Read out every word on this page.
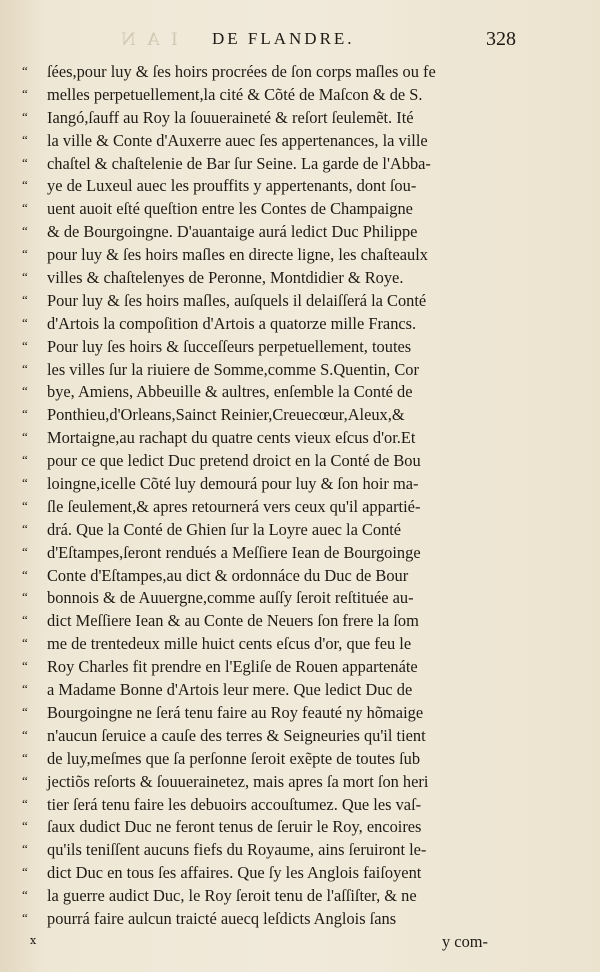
I A N DE FLANDRE.	328
“ ſées,pour luy & ſes hoirs procrées de ſon corps maſles ou fe
“ melles perpetuellement,la cité & Cõté de Maſcon & de S.
“ Iangó,ſauff au Roy la ſouueraineté & reſort ſeulemẽt. Ité
“ la ville & Conte d'Auxerre auec ſes appertenances, la ville
“ chaſtel & chaſtelenie de Bar ſur Seine. La garde de l'Abba-
“ ye de Luxeul auec les prouffits y appertenants, dont ſou-
“ uent auoit eſté queſtion entre les Contes de Champaigne
“ & de Bourgoingne. D'auantaige aurá ledict Duc Philippe
“ pour luy & ſes hoirs maſles en directe ligne, les chaſteaulx
“ villes & chaſtelenyes de Peronne, Montdidier & Roye.
“ Pour luy & ſes hoirs maſles, auſquels il delaiſſerá la Conté
“ d'Artois la compoſition d'Artois a quatorze mille Francs.
“ Pour luy ſes hoirs & ſucceſſeurs perpetuellement, toutes
“ les villes ſur la riuiere de Somme,comme S.Quentin, Cor
“ bye, Amiens, Abbeuille & aultres, enſemble la Conté de
“ Ponthieu,d'Orleans,Sainct Reinier,Creuecœur,Aleux,&
“ Mortaigne,au rachapt du quatre cents vieux eſcus d'or.Et
“ pour ce que ledict Duc pretend droict en la Conté de Bou
“ loingne,icelle Cõté luy demourá pour luy & ſon hoir ma-
“ ſle ſeulement,& apres retournerá vers ceux qu'il appartié-
“ drá. Que la Conté de Ghien ſur la Loyre auec la Conté
“ d'Eſtampes,ſeront rendués a Meſſiere Iean de Bourgoinge
“ Conte d'Eſtampes,au dict & ordonnáce du Duc de Bour
“ bonnois & de Auuergne,comme auſſy ſeroit reſtituée au-
“ dict Meſſiere Iean & au Conte de Neuers ſon frere la ſom
“ me de trentedeux mille huict cents eſcus d'or, que feu le
“ Roy Charles fit prendre en l'Egliſe de Rouen appartenáte
“ a Madame Bonne d'Artois leur mere. Que ledict Duc de
“ Bourgoingne ne ſerá tenu faire au Roy feauté ny hõmaige
“ n'aucun ſeruice a cauſe des terres & Seigneuries qu'il tient
“ de luy,meſmes que ſa perſonne ſeroit exẽpte de toutes ſub
“ jectiõs reſorts & ſouuerainetez, mais apres ſa mort ſon heri
“ tier ſerá tenu faire les debuoirs accouſtumez. Que les vaſ-
“ ſaux dudict Duc ne feront tenus de ſeruir le Roy, encoires
“ qu'ils teniſſent aucuns fiefs du Royaume, ains ſeruiront le-
“ dict Duc en tous ſes affaires. Que ſy les Anglois faiſoyent
“ la guerre audict Duc, le Roy ſeroit tenu de l'aſſiſter, & ne
“ pourrá faire aulcun traicté auecq leſdicts Anglois ſans
x	y com-
